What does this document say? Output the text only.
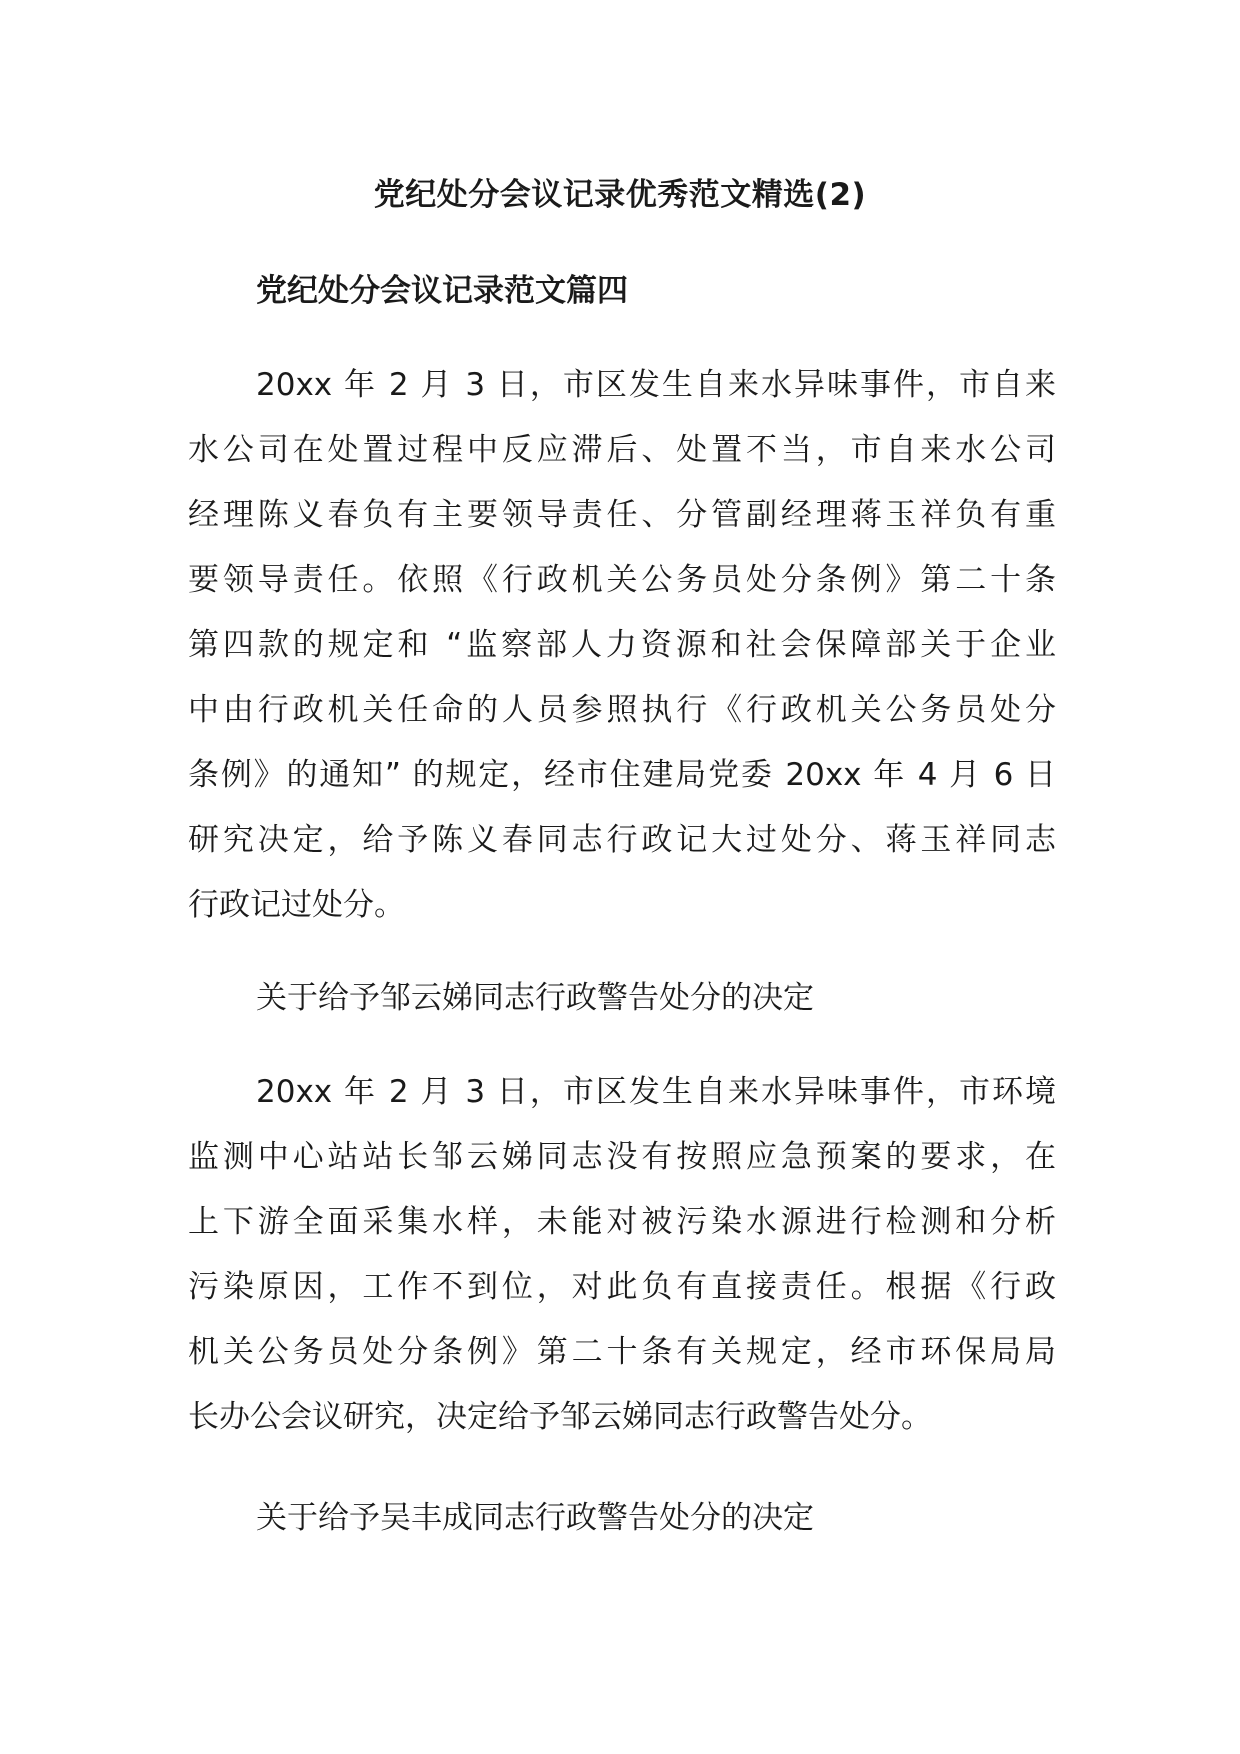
党纪处分会议记录优秀范文精选(2)
党纪处分会议记录范文篇四
20xx 年 2 月 3 日，市区发生自来水异味事件，市自来
水公司在处置过程中反应滞后、处置不当，市自来水公司
经理陈义春负有主要领导责任、分管副经理蒋玉祥负有重
要领导责任。依照《行政机关公务员处分条例》第二十条
第四款的规定和 “监察部人力资源和社会保障部关于企业
中由行政机关任命的人员参照执行《行政机关公务员处分
条例》的通知” 的规定，经市住建局党委 20xx 年 4 月 6 日
研究决定，给予陈义春同志行政记大过处分、蒋玉祥同志
行政记过处分。
关于给予邹云娣同志行政警告处分的决定
20xx 年 2 月 3 日，市区发生自来水异味事件，市环境
监测中心站站长邹云娣同志没有按照应急预案的要求，在
上下游全面采集水样，未能对被污染水源进行检测和分析
污染原因，工作不到位，对此负有直接责任。根据《行政
机关公务员处分条例》第二十条有关规定，经市环保局局
长办公会议研究，决定给予邹云娣同志行政警告处分。
关于给予吴丰成同志行政警告处分的决定
